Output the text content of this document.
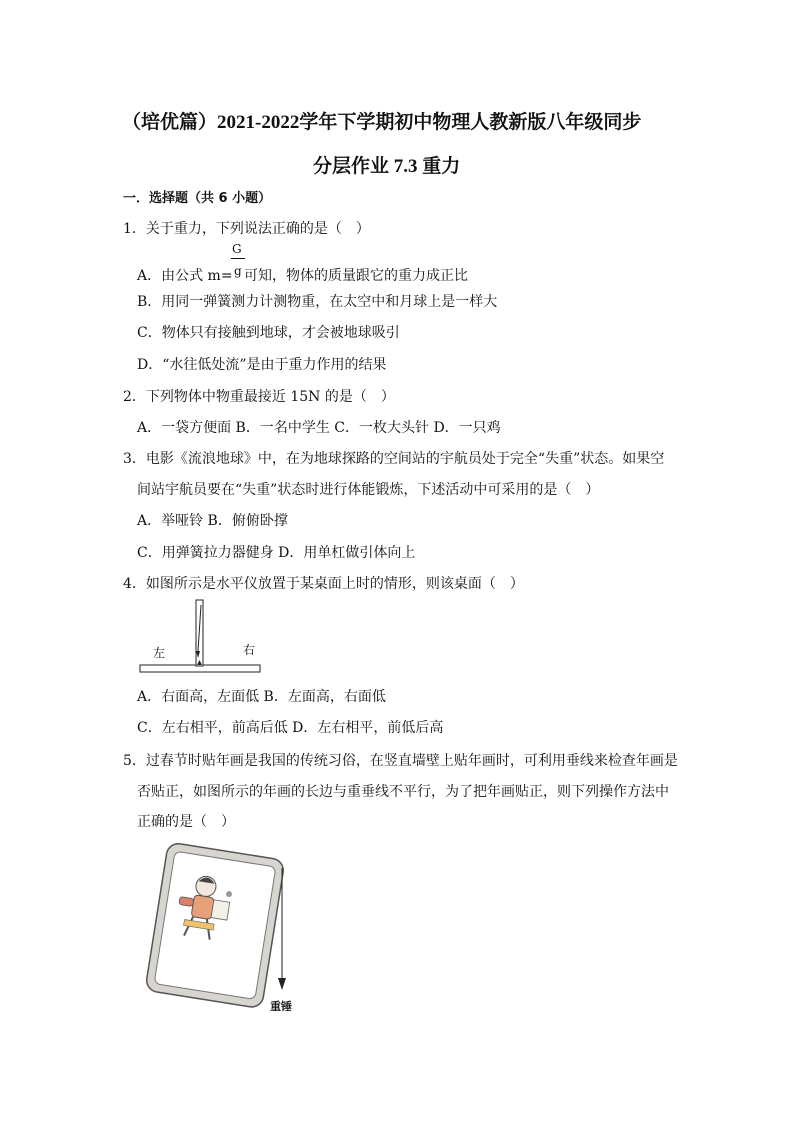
（培优篇）2021-2022学年下学期初中物理人教新版八年级同步
分层作业 7.3 重力
一．选择题（共 6 小题）
1．关于重力，下列说法正确的是（　）
G
A．由公式 m= g 可知，物体的质量跟它的重力成正比
B．用同一弹簧测力计测物重，在太空中和月球上是一样大
C．物体只有接触到地球，才会被地球吸引
D．“水往低处流”是由于重力作用的结果
2．下列物体中物重最接近 15N 的是（　）
A．一袋方便面 B．一名中学生 C．一枚大头针 D．一只鸡
3．电影《流浪地球》中，在为地球探路的空间站的宇航员处于完全“失重”状态。如果空
间站宇航员要在“失重”状态时进行体能锻炼，下述活动中可采用的是（　）
A．举哑铃 B．俯俯卧撑
C．用弹簧拉力器健身 D．用单杠做引体向上
4．如图所示是水平仪放置于某桌面上时的情形，则该桌面（　）
左	右
A．右面高，左面低 B．左面高，右面低
C．左右相平，前高后低 D．左右相平，前低后高
5．过春节时贴年画是我国的传统习俗，在竖直墙壁上贴年画时，可利用垂线来检查年画是
否贴正，如图所示的年画的长边与重垂线不平行，为了把年画贴正，则下列操作方法中
正确的是（　）
重锤
